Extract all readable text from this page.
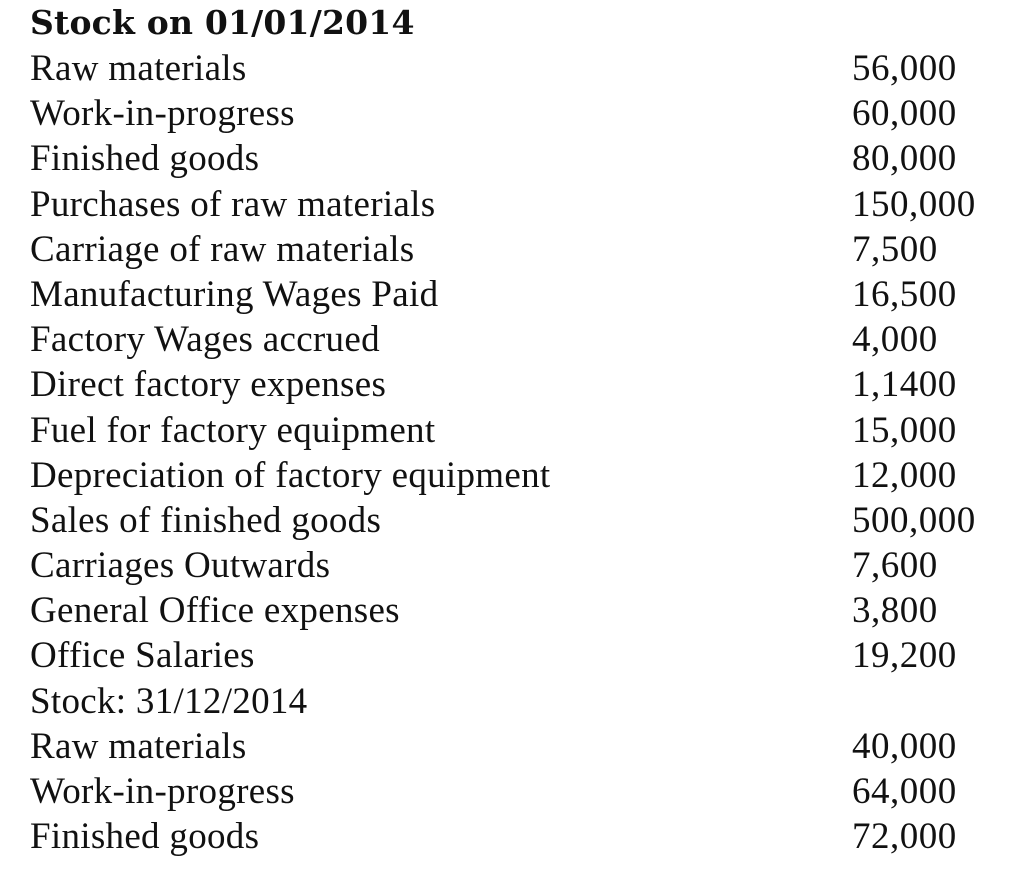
Stock on 01/01/2014
Raw materials	56,000
Work-in-progress	60,000
Finished goods	80,000
Purchases of raw materials	150,000
Carriage of raw materials	7,500
Manufacturing Wages Paid	16,500
Factory Wages accrued	4,000
Direct factory expenses	1,1400
Fuel for factory equipment	15,000
Depreciation of factory equipment	12,000
Sales of finished goods	500,000
Carriages Outwards	7,600
General Office expenses	3,800
Office Salaries	19,200
Stock: 31/12/2014
Raw materials	40,000
Work-in-progress	64,000
Finished goods	72,000
